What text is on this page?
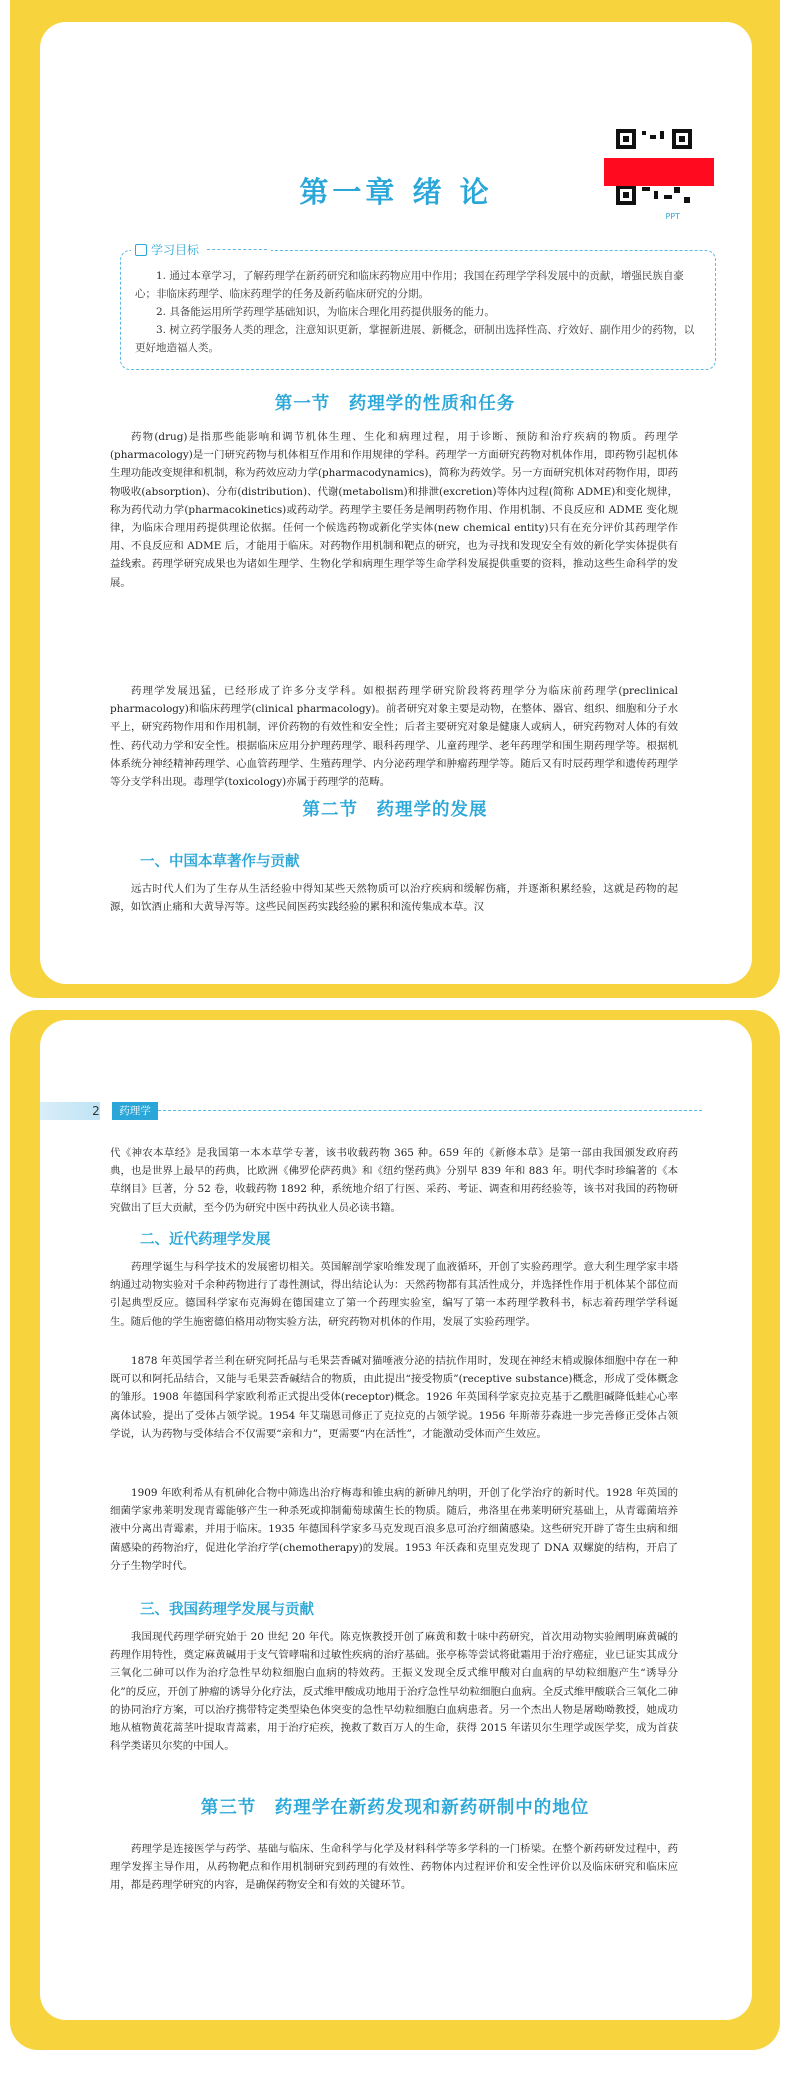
第一章 绪 论
PPT
学习目标

1. 通过本章学习，了解药理学在新药研究和临床药物应用中作用；我国在药理学学科发展中的贡献，增强民族自豪心；非临床药理学、临床药理学的任务及新药临床研究的分期。

2. 具备能运用所学药理学基础知识，为临床合理化用药提供服务的能力。

3. 树立药学服务人类的理念，注意知识更新，掌握新进展、新概念，研制出选择性高、疗效好、副作用少的药物，以更好地造福人类。

第一节　药理学的性质和任务

药物(drug)是指那些能影响和调节机体生理、生化和病理过程，用于诊断、预防和治疗疾病的物质。药理学(pharmacology)是一门研究药物与机体相互作用和作用规律的学科。药理学一方面研究药物对机体作用，即药物引起机体生理功能改变规律和机制，称为药效应动力学(pharmacodynamics)，简称为药效学。另一方面研究机体对药物作用，即药物吸收(absorption)、分布(distribution)、代谢(metabolism)和排泄(excretion)等体内过程(简称 ADME)和变化规律，称为药代动力学(pharmacokinetics)或药动学。药理学主要任务是阐明药物作用、作用机制、不良反应和 ADME 变化规律，为临床合理用药提供理论依据。任何一个候选药物或新化学实体(new chemical entity)只有在充分评价其药理学作用、不良反应和 ADME 后，才能用于临床。对药物作用机制和靶点的研究，也为寻找和发现安全有效的新化学实体提供有益线索。药理学研究成果也为诸如生理学、生物化学和病理生理学等生命学科发展提供重要的资料，推动这些生命科学的发展。

药理学发展迅猛，已经形成了许多分支学科。如根据药理学研究阶段将药理学分为临床前药理学(preclinical pharmacology)和临床药理学(clinical pharmacology)。前者研究对象主要是动物，在整体、器官、组织、细胞和分子水平上，研究药物作用和作用机制，评价药物的有效性和安全性；后者主要研究对象是健康人或病人，研究药物对人体的有效性、药代动力学和安全性。根据临床应用分护理药理学、眼科药理学、儿童药理学、老年药理学和围生期药理学等。根据机体系统分神经精神药理学、心血管药理学、生殖药理学、内分泌药理学和肿瘤药理学等。随后又有时辰药理学和遗传药理学等分支学科出现。毒理学(toxicology)亦属于药理学的范畴。

第二节　药理学的发展
一、中国本草著作与贡献

远古时代人们为了生存从生活经验中得知某些天然物质可以治疗疾病和缓解伤痛，并逐渐积累经验，这就是药物的起源，如饮酒止痛和大黄导泻等。这些民间医药实践经验的累积和流传集成本草。汉

2	药理学

代《神农本草经》是我国第一本本草学专著，该书收载药物 365 种。659 年的《新修本草》是第一部由我国颁发政府药典，也是世界上最早的药典，比欧洲《佛罗伦萨药典》和《纽约堡药典》分别早 839 年和 883 年。明代李时珍编著的《本草纲目》巨著，分 52 卷，收载药物 1892 种，系统地介绍了行医、采药、考证、调查和用药经验等，该书对我国的药物研究做出了巨大贡献，至今仍为研究中医中药执业人员必读书籍。

二、近代药理学发展

药理学诞生与科学技术的发展密切相关。英国解剖学家哈维发现了血液循环，开创了实验药理学。意大利生理学家丰塔纳通过动物实验对千余种药物进行了毒性测试，得出结论认为：天然药物都有其活性成分，并选择性作用于机体某个部位而引起典型反应。德国科学家布克海姆在德国建立了第一个药理实验室，编写了第一本药理学教科书，标志着药理学学科诞生。随后他的学生施密德伯格用动物实验方法，研究药物对机体的作用，发展了实验药理学。

1878 年英国学者兰利在研究阿托品与毛果芸香碱对猫唾液分泌的拮抗作用时，发现在神经末梢或腺体细胞中存在一种既可以和阿托品结合，又能与毛果芸香碱结合的物质，由此提出“接受物质”(receptive substance)概念，形成了受体概念的雏形。1908 年德国科学家欧利希正式提出受体(receptor)概念。1926 年英国科学家克拉克基于乙酰胆碱降低蛙心心率离体试验，提出了受体占领学说。1954 年艾瑞恩司修正了克拉克的占领学说。1956 年斯蒂芬森进一步完善修正受体占领学说，认为药物与受体结合不仅需要“亲和力”，更需要“内在活性”，才能激动受体而产生效应。

1909 年欧利希从有机砷化合物中筛选出治疗梅毒和锥虫病的新砷凡纳明，开创了化学治疗的新时代。1928 年英国的细菌学家弗莱明发现青霉能够产生一种杀死或抑制葡萄球菌生长的物质。随后，弗洛里在弗莱明研究基础上，从青霉菌培养液中分离出青霉素，并用于临床。1935 年德国科学家多马克发现百浪多息可治疗细菌感染。这些研究开辟了寄生虫病和细菌感染的药物治疗，促进化学治疗学(chemotherapy)的发展。1953 年沃森和克里克发现了 DNA 双螺旋的结构，开启了分子生物学时代。

三、我国药理学发展与贡献

我国现代药理学研究始于 20 世纪 20 年代。陈克恢教授开创了麻黄和数十味中药研究，首次用动物实验阐明麻黄碱的药理作用特性，奠定麻黄碱用于支气管哮喘和过敏性疾病的治疗基础。张亭栋等尝试将砒霜用于治疗癌症，业已证实其成分三氧化二砷可以作为治疗急性早幼粒细胞白血病的特效药。王振义发现全反式维甲酸对白血病的早幼粒细胞产生“诱导分化”的反应，开创了肿瘤的诱导分化疗法，反式维甲酸成功地用于治疗急性早幼粒细胞白血病。全反式维甲酸联合三氧化二砷的协同治疗方案，可以治疗携带特定类型染色体突变的急性早幼粒细胞白血病患者。另一个杰出人物是屠呦呦教授，她成功地从植物黄花蒿茎叶提取青蒿素，用于治疗疟疾，挽救了数百万人的生命，获得 2015 年诺贝尔生理学或医学奖，成为首获科学类诺贝尔奖的中国人。

第三节　药理学在新药发现和新药研制中的地位

药理学是连接医学与药学、基础与临床、生命科学与化学及材料科学等多学科的一门桥梁。在整个新药研发过程中，药理学发挥主导作用，从药物靶点和作用机制研究到药理的有效性、药物体内过程评价和安全性评价以及临床研究和临床应用，都是药理学研究的内容，是确保药物安全和有效的关键环节。
